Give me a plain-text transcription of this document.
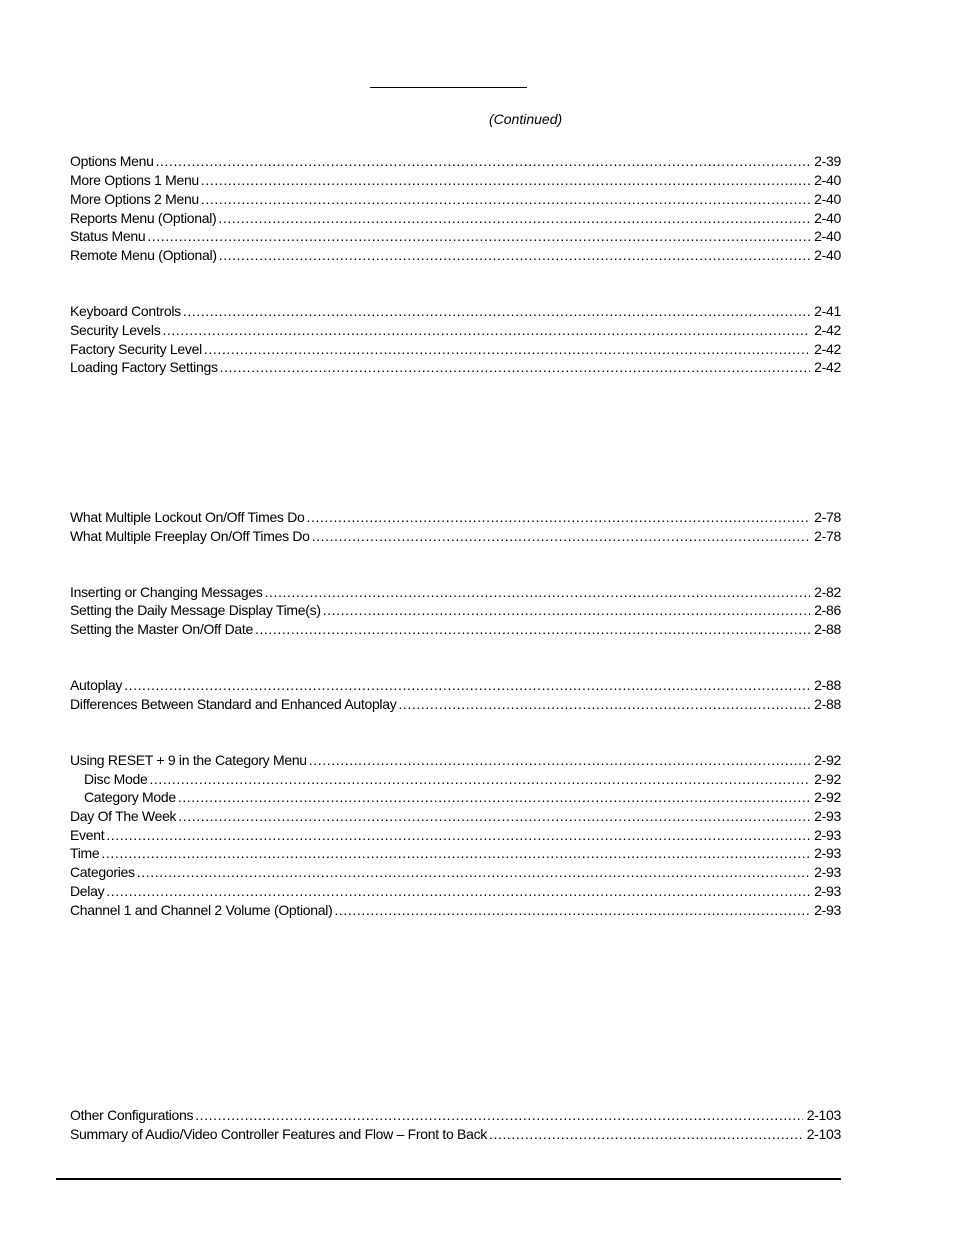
(Continued)
Options Menu .....	2-39
More Options 1 Menu .....	2-40
More Options 2 Menu .....	2-40
Reports Menu (Optional) .....	2-40
Status Menu .....	2-40
Remote Menu (Optional) .....	2-40
Keyboard Controls .....	2-41
Security Levels .....	2-42
Factory Security Level .....	2-42
Loading Factory Settings .....	2-42
What Multiple Lockout On/Off Times Do .....	2-78
What Multiple Freeplay On/Off Times Do .....	2-78
Inserting or Changing Messages .....	2-82
Setting the Daily Message Display Time(s) .....	2-86
Setting the Master On/Off Date .....	2-88
Autoplay .....	2-88
Differences Between Standard and Enhanced Autoplay .....	2-88
Using RESET + 9 in the Category Menu .....	2-92
Disc Mode .....	2-92
Category Mode .....	2-92
Day Of The Week .....	2-93
Event .....	2-93
Time .....	2-93
Categories .....	2-93
Delay .....	2-93
Channel 1 and Channel 2 Volume (Optional) .....	2-93
Other Configurations .....	2-103
Summary of Audio/Video Controller Features and Flow – Front to Back .....	2-103
